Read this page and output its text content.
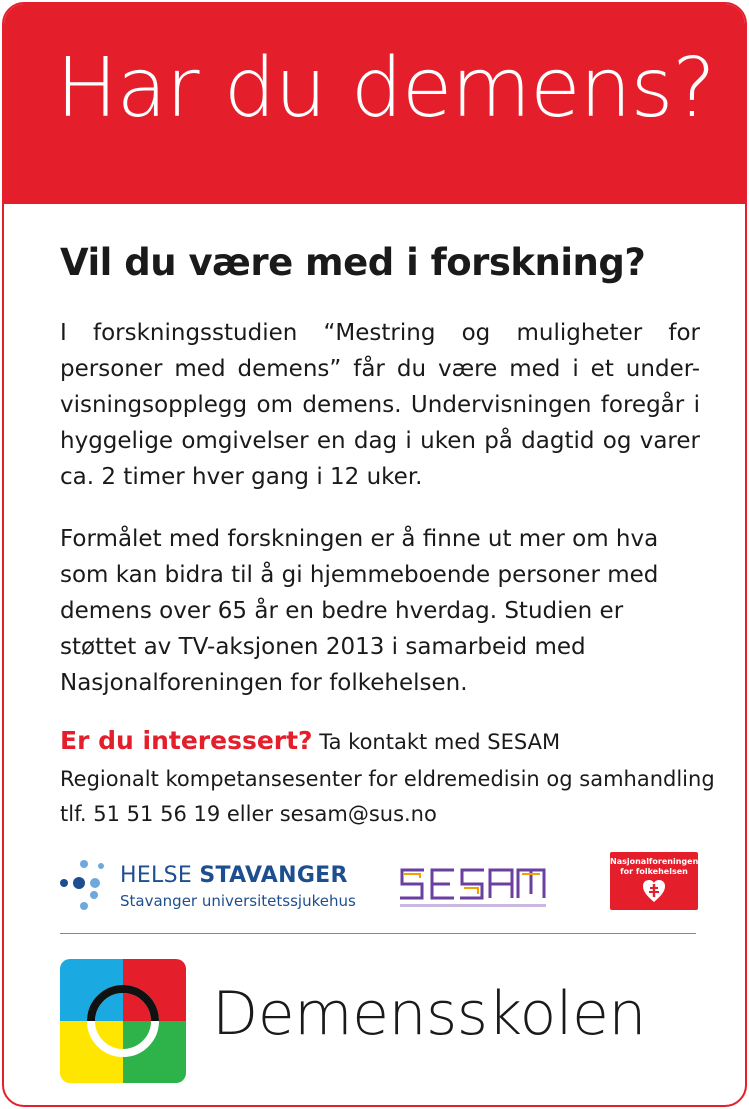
Har du demens?
Vil du være med i forskning?

I forskningsstudien “Mestring og muligheter for personer med demens” får du være med i et under-visningsopplegg om demens. Undervisningen foregår i hyggelige omgivelser en dag i uken på dagtid og varer ca. 2 timer hver gang i 12 uker.

Formålet med forskningen er å finne ut mer om hva som kan bidra til å gi hjemmeboende personer med demens over 65 år en bedre hverdag. Studien er støttet av TV-aksjonen 2013 i samarbeid med Nasjonalforeningen for folkehelsen.

Er du interessert? Ta kontakt med SESAM
Regionalt kompetansesenter for eldremedisin og samhandling
tlf. 51 51 56 19 eller sesam@sus.no
HELSE STAVANGER
Stavanger universitetssjukehus
Nasjonalforeningen
for folkehelsen
Demensskolen
